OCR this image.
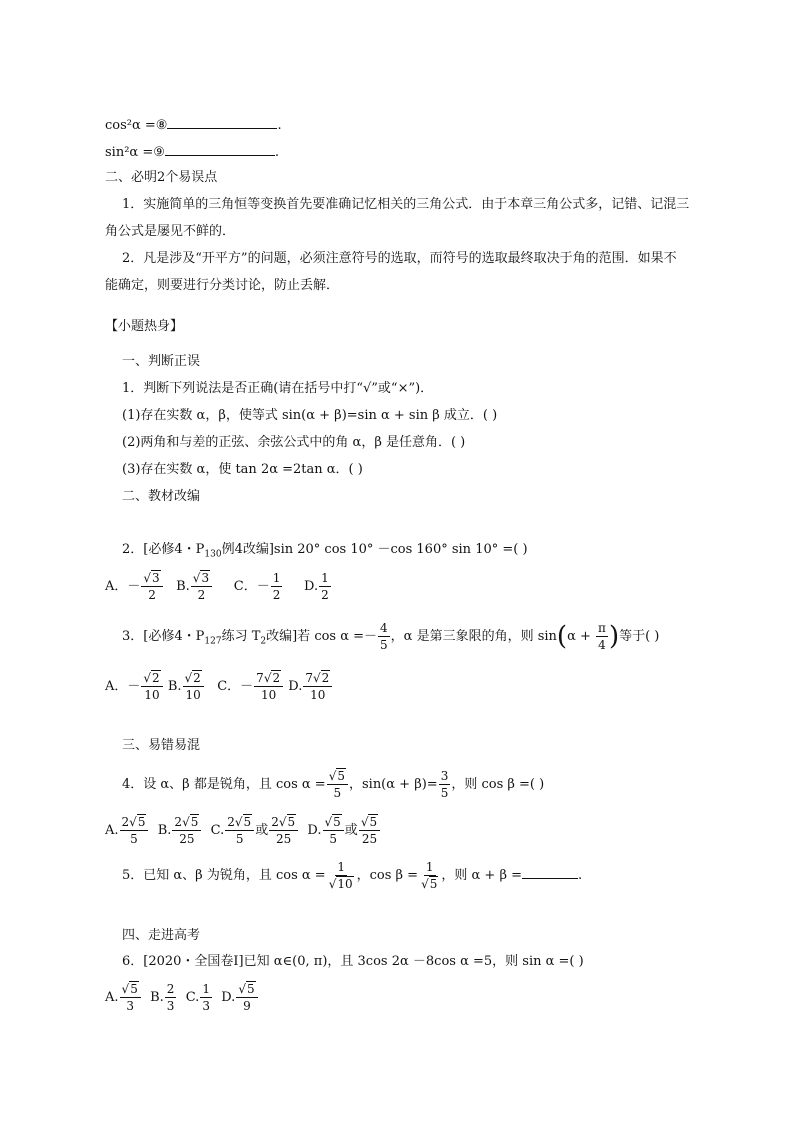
cos²α =⑧	.
sin²α =⑨	.
二、必明2个易误点
1．实施简单的三角恒等变换首先要准确记忆相关的三角公式．由于本章三角公式多，记错、记混三
角公式是屡见不鲜的．
2．凡是涉及“开平方”的问题，必须注意符号的选取，而符号的选取最终取决于角的范围．如果不
能确定，则要进行分类讨论，防止丢解．
【小题热身】
一、判断正误
1．判断下列说法是否正确(请在括号中打“√”或“×”)．
(1)存在实数 α，β，使等式 sin(α + β)=sin α + sin β 成立．( )
(2)两角和与差的正弦、余弦公式中的角 α，β 是任意角．( )
(3)存在实数 α，使 tan 2α =2tan α．( )
二、教材改编
2．[必修4・$P_{130}$例4改编]sin 20° cos 10° －cos 160° sin 10° =( )
A．－ $\frac{√3}{2} B$. $\frac{√3}{2}$ C．－ $\frac{1}{2} D$. $\frac{1}{2}$
3．[必修4・$P_{127}$练习 $T_2$改编]若 $\cos \alpha =- \frac{4}{5}$ ，α 是第三象限的角，则 $\sin(\alpha + \frac{\pi}{4}$ )等于( )
A．－ $\frac{√2}{10} B$. $\frac{√2}{10}$ C．－ $\frac{7√2}{10} D$. $\frac{7√2}{10}$
三、易错易混
4．设 α、β 都是锐角，且 $\cos \alpha = \frac{√5}{5}$ ，$\sin(\alpha + \beta)= \frac{3}{5}$ ，则 cos β =( )
A. $\frac{2√5}{5} B$. $\frac{2√5}{25} C$. $\frac{2√5}{5}$ 或 $\frac{2√5}{25} D$. $\frac{√5}{5}$ 或 $\frac{√5}{25}$
5．已知 α、β 为锐角，且 $\cos \alpha = \frac{1}{√10}$ ，$\cos \beta = \frac{1}{√5}$ ，则 α + β =	.
四、走进高考
6．[2020・全国卷Ⅰ]已知 α∈(0, π)，且 3cos 2α －8cos α =5，则 sin α =( )
A. $\frac{√5}{3} B$. $\frac{2}{3} C$. $\frac{1}{3} D$. $\frac{√5}{9}$
